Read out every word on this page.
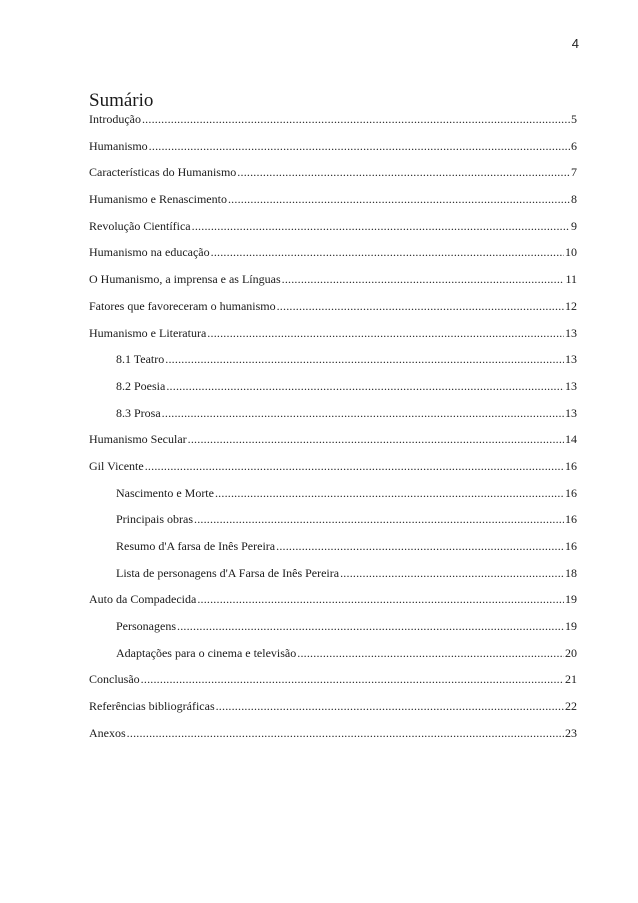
4
Sumário
Introdução .....	5
Humanismo .....	6
Características do Humanismo .....	7
Humanismo e Renascimento .....	8
Revolução Científica .....	9
Humanismo na educação .....	10
O Humanismo, a imprensa e as Línguas .....	11
Fatores que favoreceram o humanismo .....	12
Humanismo e Literatura .....	13
8.1 Teatro .....	13
8.2 Poesia .....	13
8.3 Prosa .....	13
Humanismo Secular .....	14
Gil Vicente .....	16
Nascimento e Morte .....	16
Principais obras .....	16
Resumo d'A farsa de Inês Pereira .....	16
Lista de personagens d'A Farsa de Inês Pereira .....	18
Auto da Compadecida .....	19
Personagens .....	19
Adaptações para o cinema e televisão .....	20
Conclusão .....	21
Referências bibliográficas .....	22
Anexos .....	23
